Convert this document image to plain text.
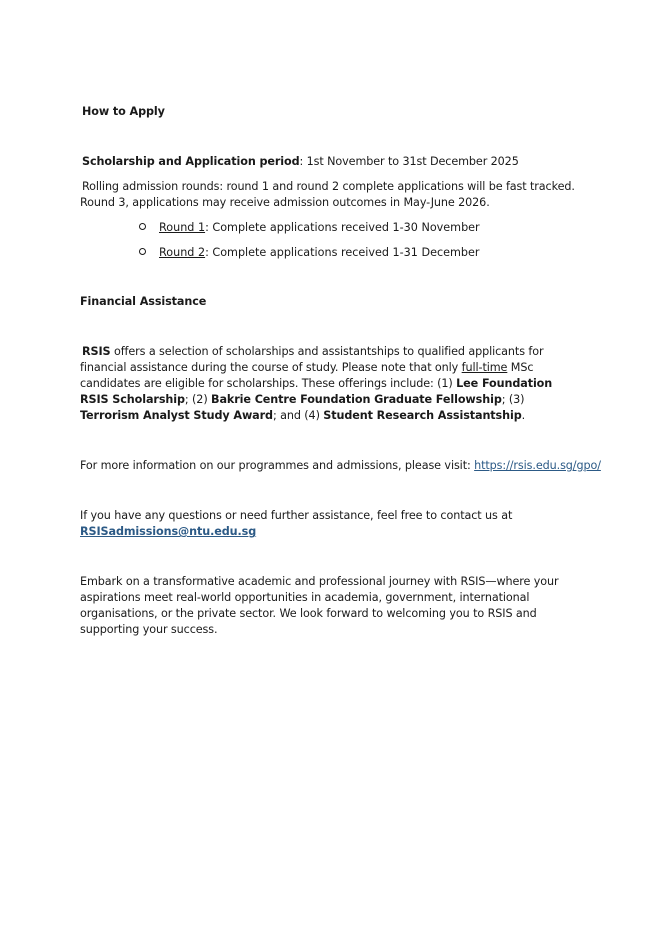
How to Apply
Scholarship and Application period: 1st November to 31st December 2025
Rolling admission rounds: round 1 and round 2 complete applications will be fast tracked.
Round 3, applications may receive admission outcomes in May-June 2026.
Round 1: Complete applications received 1-30 November
Round 2: Complete applications received 1-31 December
Financial Assistance
RSIS offers a selection of scholarships and assistantships to qualified applicants for financial assistance during the course of study. Please note that only full-time MSc candidates are eligible for scholarships. These offerings include: (1) Lee Foundation RSIS Scholarship; (2) Bakrie Centre Foundation Graduate Fellowship; (3) Terrorism Analyst Study Award; and (4) Student Research Assistantship.
For more information on our programmes and admissions, please visit: https://rsis.edu.sg/gpo/
If you have any questions or need further assistance, feel free to contact us at
RSISadmissions@ntu.edu.sg
Embark on a transformative academic and professional journey with RSIS—where your aspirations meet real-world opportunities in academia, government, international organisations, or the private sector. We look forward to welcoming you to RSIS and supporting your success.
